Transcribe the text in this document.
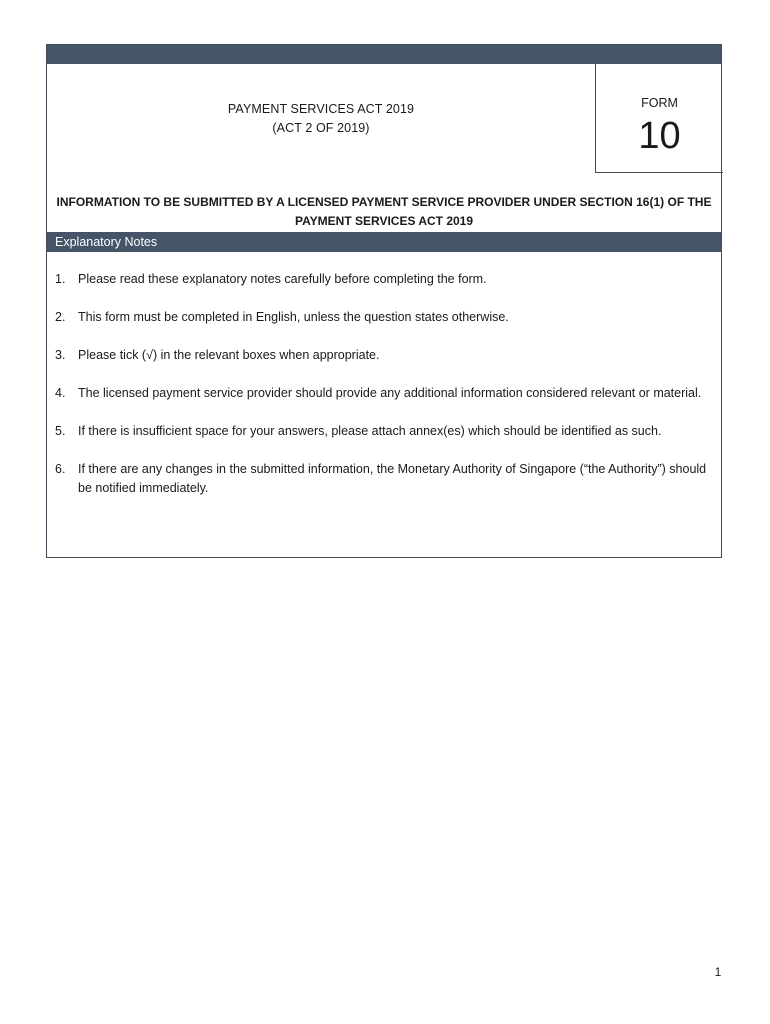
PAYMENT SERVICES ACT 2019
(ACT 2 OF 2019)
FORM
10
INFORMATION TO BE SUBMITTED BY A LICENSED PAYMENT SERVICE PROVIDER UNDER SECTION 16(1) OF THE PAYMENT SERVICES ACT 2019
Explanatory Notes
1.	Please read these explanatory notes carefully before completing the form.
2.	This form must be completed in English, unless the question states otherwise.
3.	Please tick (√) in the relevant boxes when appropriate.
4.	The licensed payment service provider should provide any additional information considered relevant or material.
5.	If there is insufficient space for your answers, please attach annex(es) which should be identified as such.
6.	If there are any changes in the submitted information, the Monetary Authority of Singapore (“the Authority”) should be notified immediately.
1
